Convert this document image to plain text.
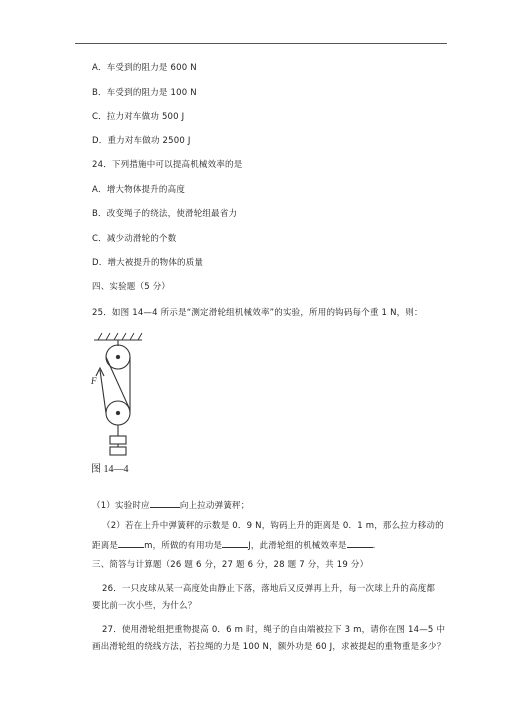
A．车受到的阻力是 600 N
B．车受到的阻力是 100 N
C．拉力对车做功 500 J
D．重力对车做功 2500 J
24．下列措施中可以提高机械效率的是
A．增大物体提升的高度
B．改变绳子的绕法，使滑轮组最省力
C．减少动滑轮的个数
D．增大被提升的物体的质量
四、实验题（5 分）
25．如图 14—4 所示是“测定滑轮组机械效率”的实验，所用的钩码每个重 1 N，则：
F
图 14—4
（1）实验时应	向上拉动弹簧秤；
（2）若在上升中弹簧秤的示数是 0．9 N，钩码上升的距离是 0．1 m，那么拉力移动的
距离是	m，所做的有用功是	J，此滑轮组的机械效率是	.
三、简答与计算题（26 题 6 分，27 题 6 分，28 题 7 分，共 19 分）
26．一只皮球从某一高度处由静止下落，落地后又反弹再上升，每一次球上升的高度都
要比前一次小些，为什么？
27．使用滑轮组把重物提高 0．6 m 时，绳子的自由端被拉下 3 m，请你在图 14—5 中
画出滑轮组的绕线方法，若拉绳的力是 100 N，额外功是 60 J，求被提起的重物重是多少？
